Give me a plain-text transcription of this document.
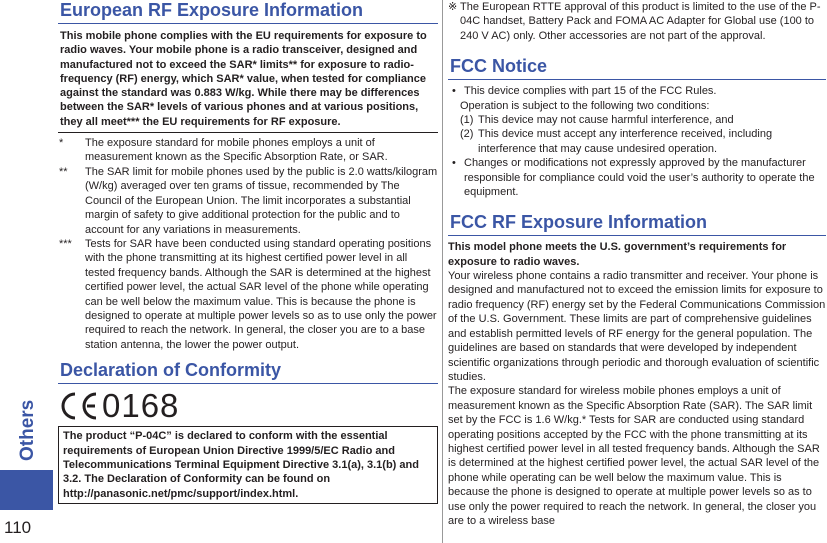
Others
110
European RF Exposure Information
This mobile phone complies with the EU requirements for exposure to radio waves. Your mobile phone is a radio transceiver, designed and manufactured not to exceed the SAR* limits** for exposure to radio-frequency (RF) energy, which SAR* value, when tested for compliance against the standard was 0.883 W/kg. While there may be differences between the SAR* levels of various phones and at various positions, they all meet*** the EU requirements for RF exposure.
*	The exposure standard for mobile phones employs a unit of measurement known as the Specific Absorption Rate, or SAR.
**	The SAR limit for mobile phones used by the public is 2.0 watts/kilogram (W/kg) averaged over ten grams of tissue, recommended by The Council of the European Union. The limit incorporates a substantial margin of safety to give additional protection for the public and to account for any variations in measurements.
***	Tests for SAR have been conducted using standard operating positions with the phone transmitting at its highest certified power level in all tested frequency bands. Although the SAR is determined at the highest certified power level, the actual SAR level of the phone while operating can be well below the maximum value. This is because the phone is designed to operate at multiple power levels so as to use only the power required to reach the network. In general, the closer you are to a base station antenna, the lower the power output.
Declaration of Conformity
0168
The product “P-04C” is declared to conform with the essential requirements of European Union Directive 1999/5/EC Radio and Telecommunications Terminal Equipment Directive 3.1(a), 3.1(b) and 3.2. The Declaration of Conformity can be found on http://panasonic.net/pmc/support/index.html.
※ The European RTTE approval of this product is limited to the use of the P-04C handset, Battery Pack and FOMA AC Adapter for Global use (100 to 240 V AC) only. Other accessories are not part of the approval.
FCC Notice
• This device complies with part 15 of the FCC Rules.
Operation is subject to the following two conditions:
(1) This device may not cause harmful interference, and
(2) This device must accept any interference received, including interference that may cause undesired operation.
• Changes or modifications not expressly approved by the manufacturer responsible for compliance could void the user’s authority to operate the equipment.
FCC RF Exposure Information
This model phone meets the U.S. government’s requirements for exposure to radio waves.

Your wireless phone contains a radio transmitter and receiver. Your phone is designed and manufactured not to exceed the emission limits for exposure to radio frequency (RF) energy set by the Federal Communications Commission of the U.S. Government. These limits are part of comprehensive guidelines and establish permitted levels of RF energy for the general population. The guidelines are based on standards that were developed by independent scientific organizations through periodic and thorough evaluation of scientific studies.

The exposure standard for wireless mobile phones employs a unit of measurement known as the Specific Absorption Rate (SAR). The SAR limit set by the FCC is 1.6 W/kg.* Tests for SAR are conducted using standard operating positions accepted by the FCC with the phone transmitting at its highest certified power level in all tested frequency bands. Although the SAR is determined at the highest certified power level, the actual SAR level of the phone while operating can be well below the maximum value. This is because the phone is designed to operate at multiple power levels so as to use only the power required to reach the network. In general, the closer you are to a wireless base
